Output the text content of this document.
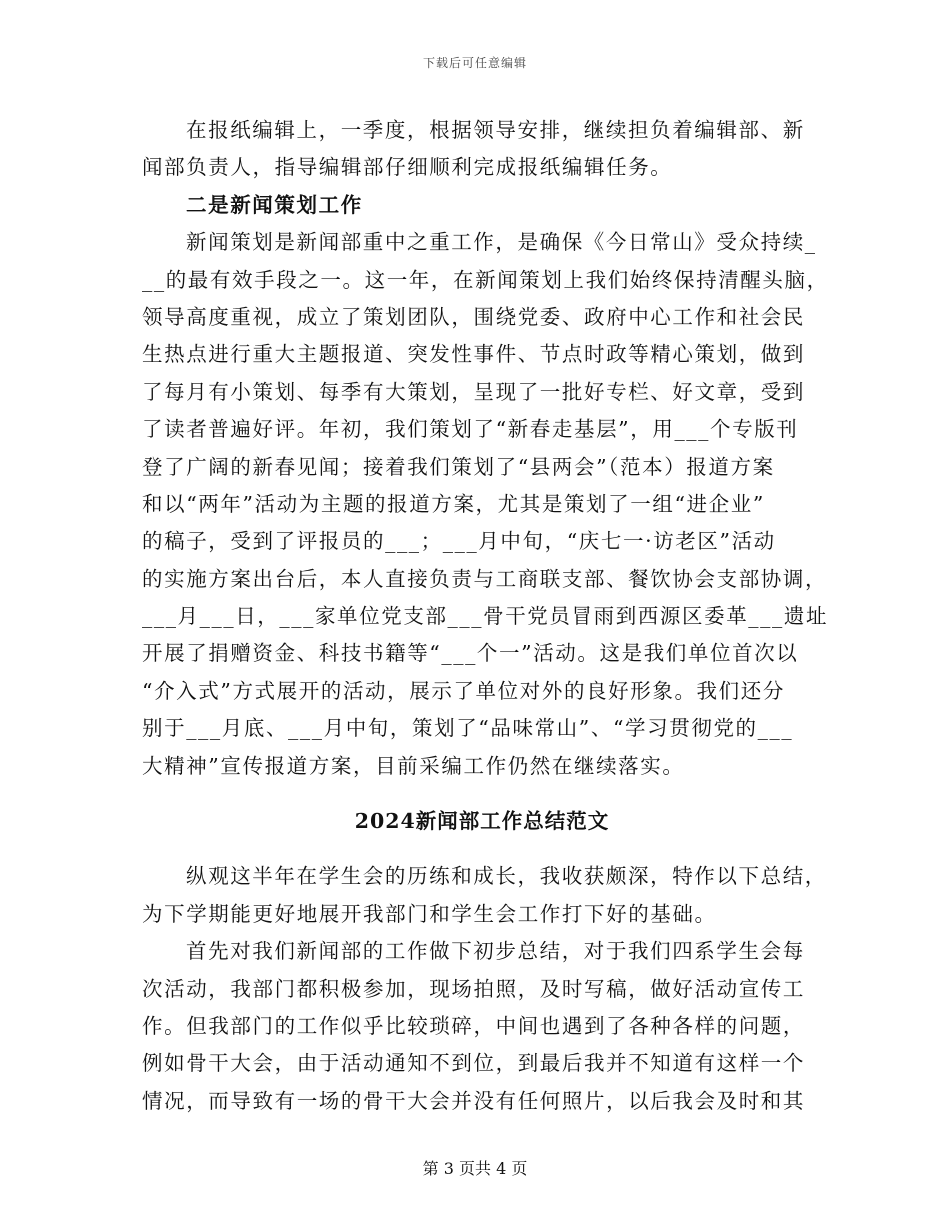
下载后可任意编辑
在报纸编辑上，一季度，根据领导安排，继续担负着编辑部、新
闻部负责人，指导编辑部仔细顺利完成报纸编辑任务。
二是新闻策划工作
新闻策划是新闻部重中之重工作，是确保《今日常山》受众持续_
__的最有效手段之一。这一年，在新闻策划上我们始终保持清醒头脑，
领导高度重视，成立了策划团队，围绕党委、政府中心工作和社会民
生热点进行重大主题报道、突发性事件、节点时政等精心策划，做到
了每月有小策划、每季有大策划，呈现了一批好专栏、好文章，受到
了读者普遍好评。年初，我们策划了“新春走基层”，用___个专版刊
登了广阔的新春见闻；接着我们策划了“县两会”（范本）报道方案
和以“两年”活动为主题的报道方案，尤其是策划了一组“进企业”
的稿子，受到了评报员的___；___月中旬，“庆七一·访老区”活动
的实施方案出台后，本人直接负责与工商联支部、餐饮协会支部协调，
___月___日，___家单位党支部___骨干党员冒雨到西源区委革___遗址
开展了捐赠资金、科技书籍等“___个一”活动。这是我们单位首次以
“介入式”方式展开的活动，展示了单位对外的良好形象。我们还分
别于___月底、___月中旬，策划了“品味常山”、“学习贯彻党的___
大精神”宣传报道方案，目前采编工作仍然在继续落实。
2024新闻部工作总结范文
纵观这半年在学生会的历练和成长，我收获颇深，特作以下总结，
为下学期能更好地展开我部门和学生会工作打下好的基础。
首先对我们新闻部的工作做下初步总结，对于我们四系学生会每
次活动，我部门都积极参加，现场拍照，及时写稿，做好活动宣传工
作。但我部门的工作似乎比较琐碎，中间也遇到了各种各样的问题，
例如骨干大会，由于活动通知不到位，到最后我并不知道有这样一个
情况，而导致有一场的骨干大会并没有任何照片，以后我会及时和其
第 3 页共 4 页
